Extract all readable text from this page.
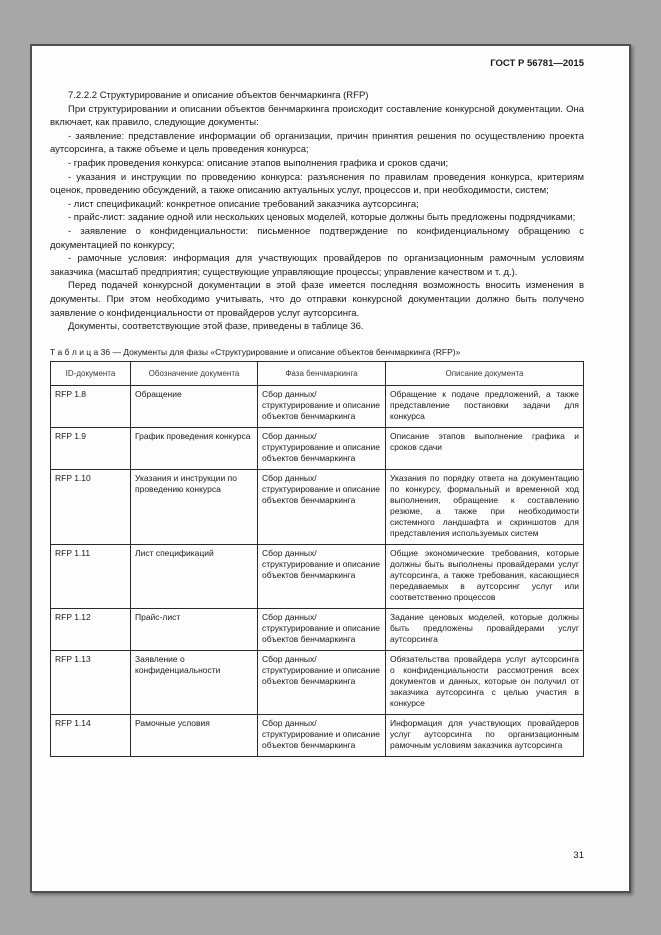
ГОСТ Р 56781—2015

7.2.2.2 Структурирование и описание объектов бенчмаркинга (RFP)

При структурировании и описании объектов бенчмаркинга происходит составление конкурсной документации. Она включает, как правило, следующие документы:

- заявление: представление информации об организации, причин принятия решения по осуществлению проекта аутсорсинга, а также объеме и цель проведения конкурса;

- график проведения конкурса: описание этапов выполнения графика и сроков сдачи;

- указания и инструкции по проведению конкурса: разъяснения по правилам проведения конкурса, критериям оценок, проведению обсуждений, а также описанию актуальных услуг, процессов и, при необходимости, систем;

- лист спецификаций: конкретное описание требований заказчика аутсорсинга;

- прайс-лист: задание одной или нескольких ценовых моделей, которые должны быть предложены подрядчиками;

- заявление о конфиденциальности: письменное подтверждение по конфиденциальному обращению с документацией по конкурсу;

- рамочные условия: информация для участвующих провайдеров по организационным рамочным условиям заказчика (масштаб предприятия; существующие управляющие процессы; управление качеством и т. д.).

Перед подачей конкурсной документации в этой фазе имеется последняя возможность вносить изменения в документы. При этом необходимо учитывать, что до отправки конкурсной документации должно быть получено заявление о конфиденциальности от провайдеров услуг аутсорсинга.

Документы, соответствующие этой фазе, приведены в таблице 36.

Т а б л и ц а 36 — Документы для фазы «Структурирование и описание объектов бенчмаркинга (RFP)»

ID-документа	Обозначение документа	Фаза бенчмаркинга	Описание документа
RFP 1.8	Обращение	Сбор данных/структурирование и описание объектов бенчмаркинга	Обращение к подаче предложений, а также представление постановки задачи для конкурса
RFP 1.9	График проведения конкурса	Сбор данных/структурирование и описание объектов бенчмаркинга	Описание этапов выполнение графика и сроков сдачи
RFP 1.10	Указания и инструкции по проведению конкурса	Сбор данных/структурирование и описание объектов бенчмаркинга	Указания по порядку ответа на документацию по конкурсу, формальный и временной ход выполнения, обращение к составлению резюме, а также при необходимости системного ландшафта и скриншотов для представления используемых систем
RFP 1.11	Лист спецификаций	Сбор данных/структурирование и описание объектов бенчмаркинга	Общие экономические требования, которые должны быть выполнены провайдерами услуг аутсорсинга, а также требования, касающиеся передаваемых в аутсорсинг услуг или соответственно процессов
RFP 1.12	Прайс-лист	Сбор данных/структурирование и описание объектов бенчмаркинга	Задание ценовых моделей, которые должны быть предложены провайдерами услуг аутсорсинга
RFP 1.13	Заявление о конфиденциальности	Сбор данных/структурирование и описание объектов бенчмаркинга	Обязательства провайдера услуг аутсорсинга о конфиденциальности рассмотрения всех документов и данных, которые он получил от заказчика аутсорсинга с целью участия в конкурсе
RFP 1.14	Рамочные условия	Сбор данных/структурирование и описание объектов бенчмаркинга	Информация для участвующих провайдеров услуг аутсорсинга по организационным рамочным условиям заказчика аутсорсинга
31
